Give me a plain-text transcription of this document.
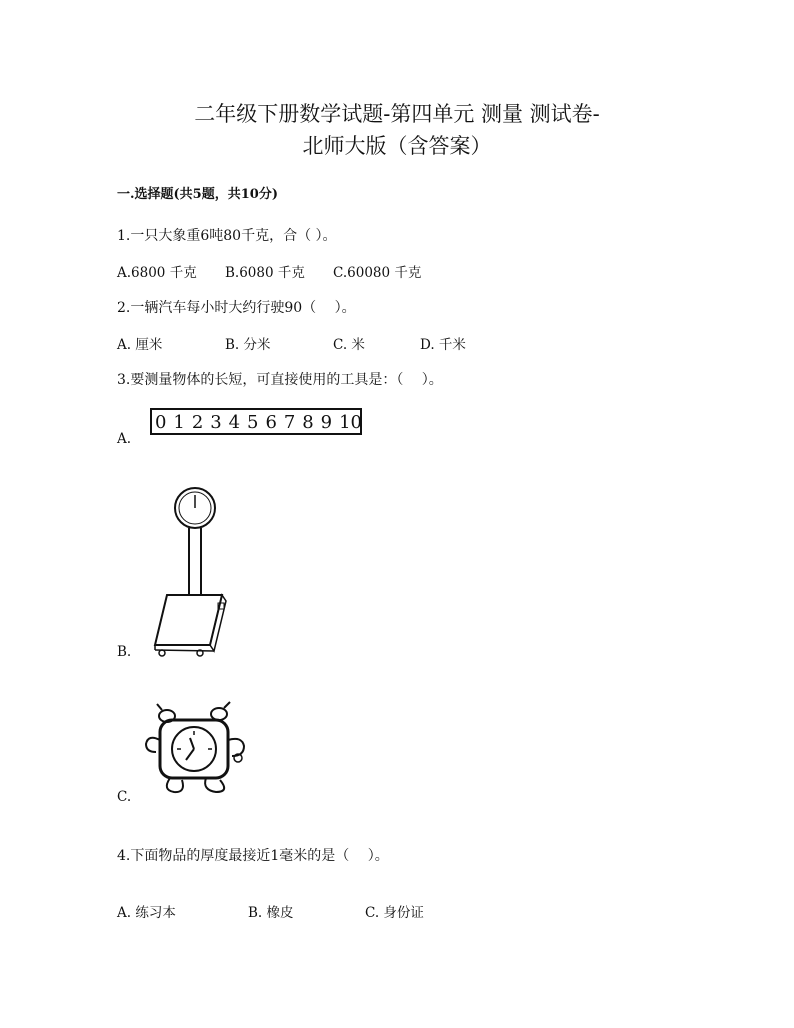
二年级下册数学试题-第四单元 测量 测试卷-
北师大版（含答案）
一.选择题(共5题，共10分)
1.一只大象重6吨80千克，合（ ）。
A.6800 千克 B.6080 千克 C.60080 千克
2.一辆汽车每小时大约行驶90（　 ）。
A. 厘米	B. 分米	C. 米	D. 千米
3.要测量物体的长短，可直接使用的工具是：（　 ）。
A.
0 1 2 3 4 5 6 7 8 9 10
B.
C.
4.下面物品的厚度最接近1毫米的是（　 ）。
A. 练习本	B. 橡皮	C. 身份证
